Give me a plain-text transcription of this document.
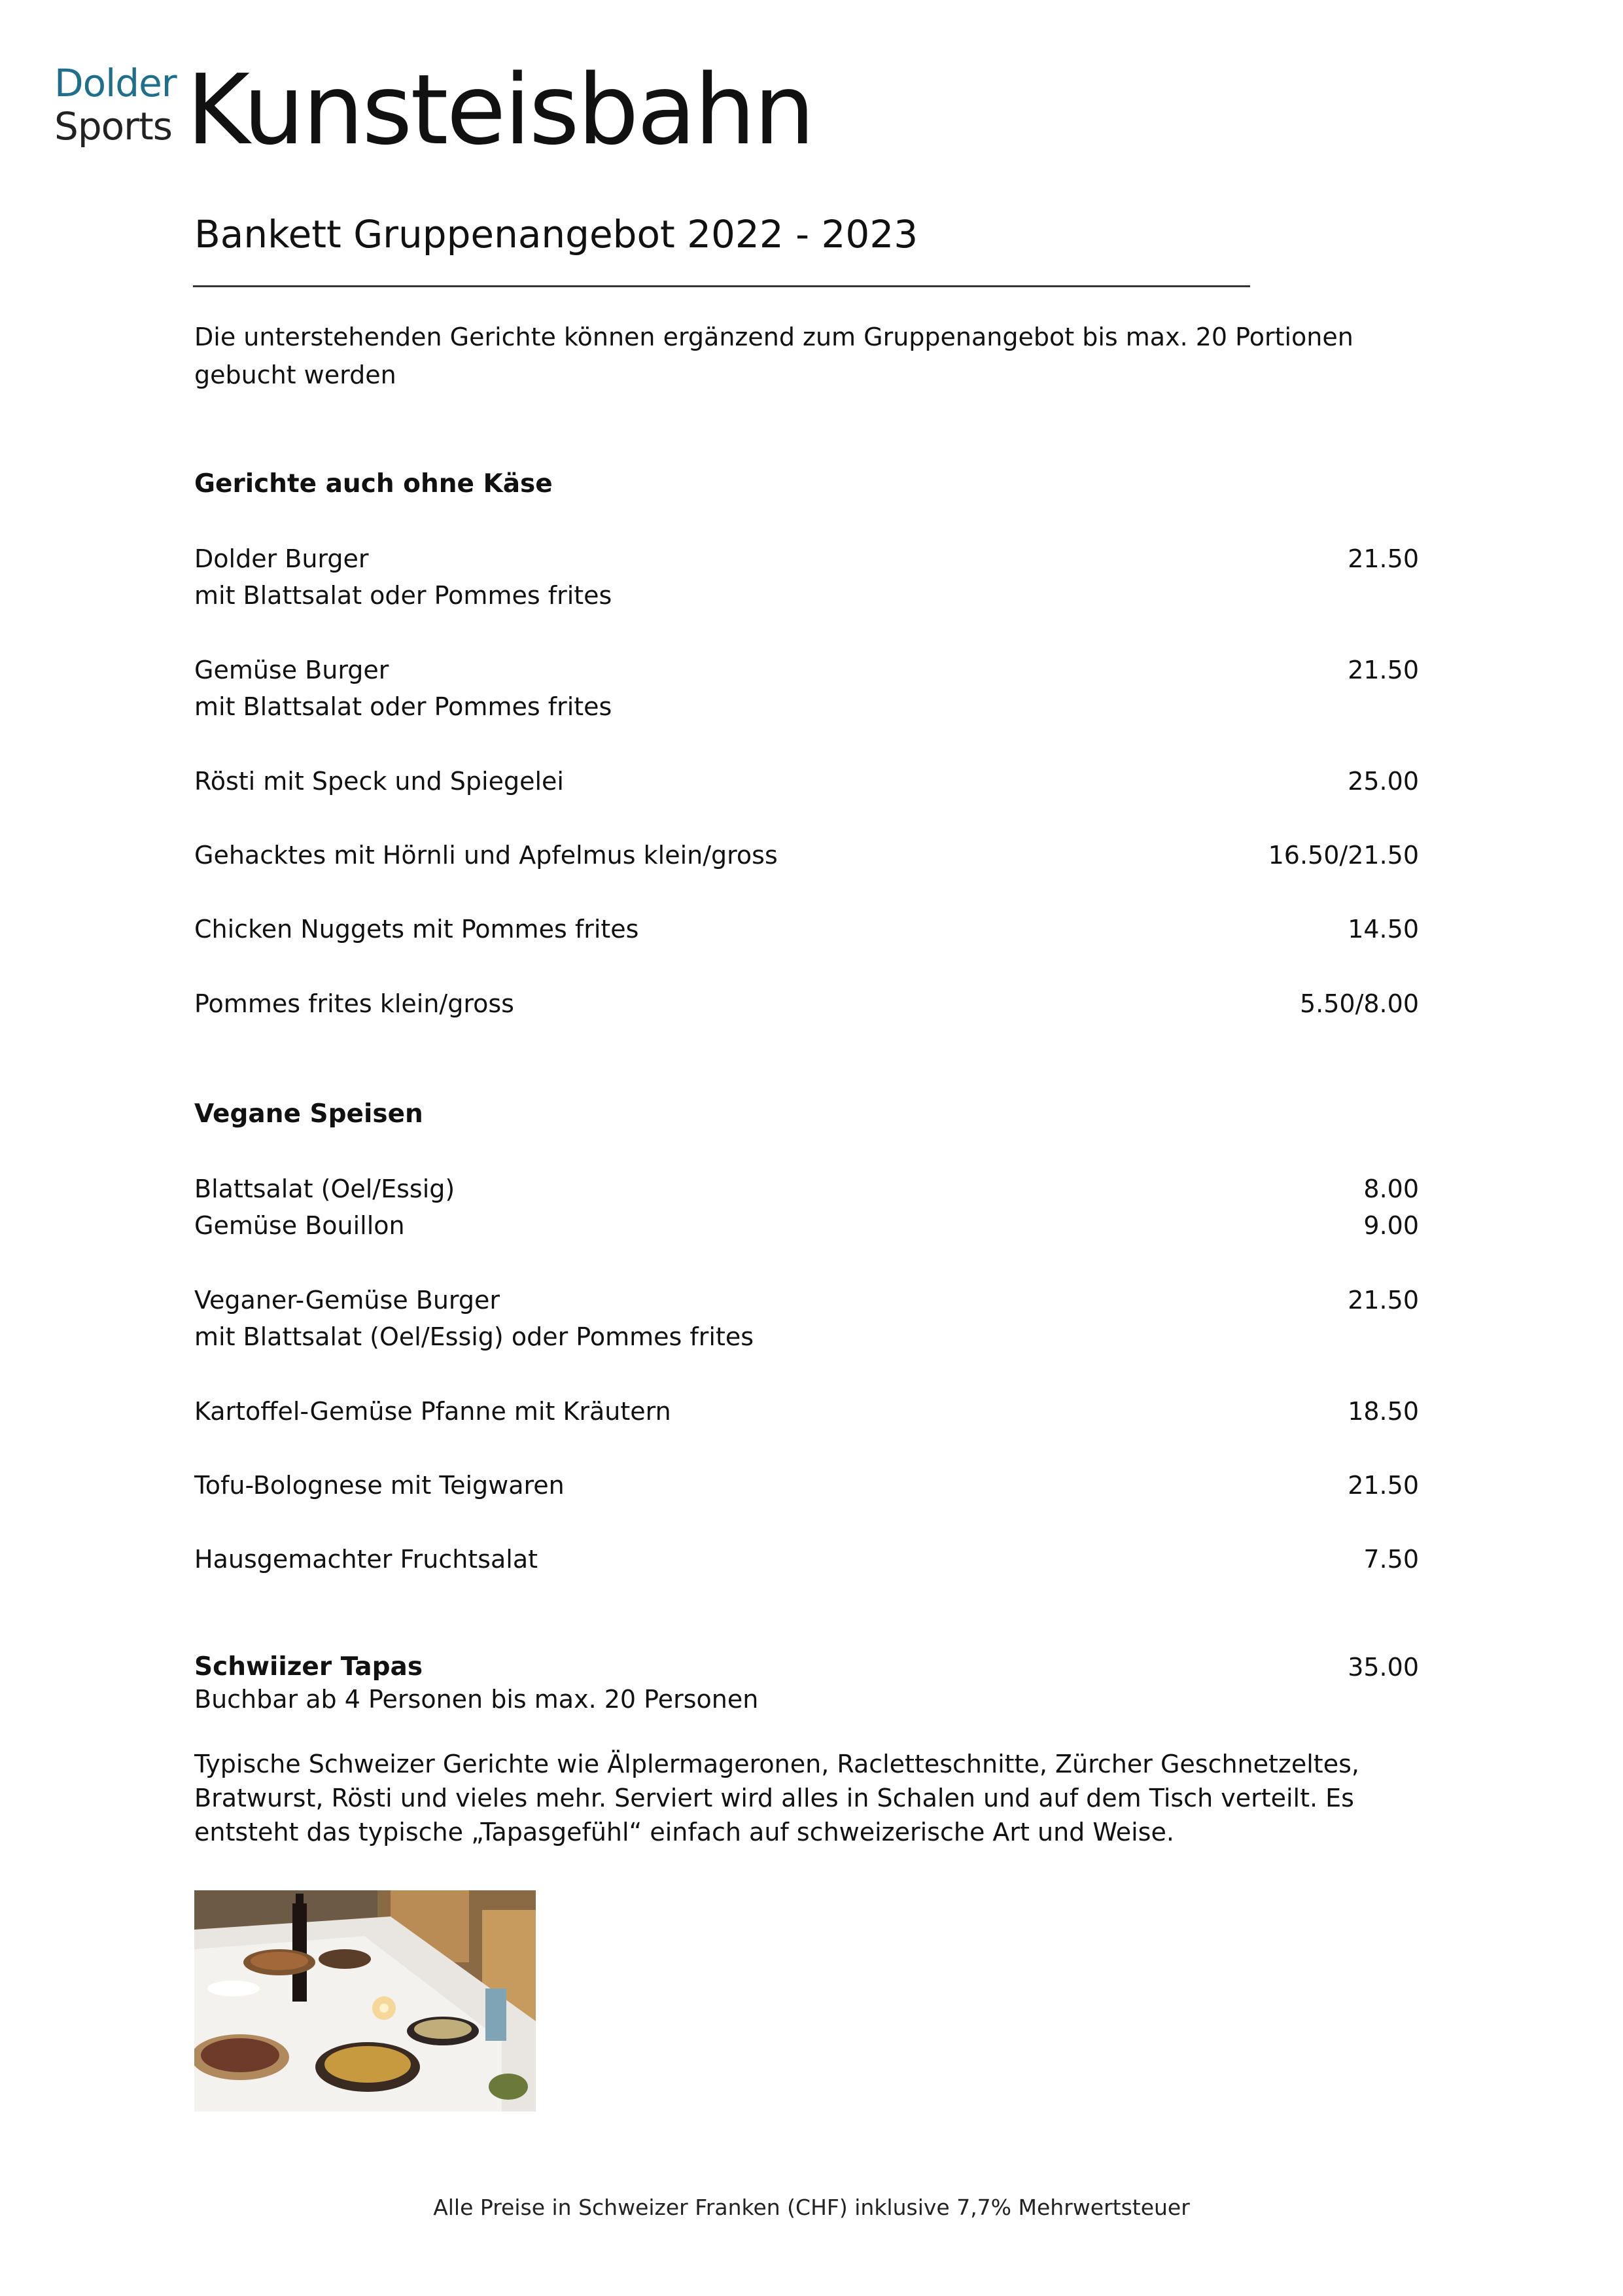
Dolder
Sports Kunsteisbahn
Bankett Gruppenangebot 2022 - 2023
Die unterstehenden Gerichte können ergänzend zum Gruppenangebot bis max. 20 Portionen gebucht werden
Gerichte auch ohne Käse
Dolder Burger	21.50
mit Blattsalat oder Pommes frites
Gemüse Burger	21.50
mit Blattsalat oder Pommes frites
Rösti mit Speck und Spiegelei	25.00
Gehacktes mit Hörnli und Apfelmus klein/gross	16.50/21.50
Chicken Nuggets mit Pommes frites	14.50
Pommes frites klein/gross	5.50/8.00
Vegane Speisen
Blattsalat (Oel/Essig)	8.00
Gemüse Bouillon	9.00
Veganer-Gemüse Burger	21.50
mit Blattsalat (Oel/Essig) oder Pommes frites
Kartoffel-Gemüse Pfanne mit Kräutern	18.50
Tofu-Bolognese mit Teigwaren	21.50
Hausgemachter Fruchtsalat	7.50
Schwiizer Tapas	35.00
Buchbar ab 4 Personen bis max. 20 Personen
Typische Schweizer Gerichte wie Älplermageronen, Racletteschnitte, Zürcher Geschnetzeltes, Bratwurst, Rösti und vieles mehr. Serviert wird alles in Schalen und auf dem Tisch verteilt. Es entsteht das typische „Tapasgefühl“ einfach auf schweizerische Art und Weise.
Alle Preise in Schweizer Franken (CHF) inklusive 7,7% Mehrwertsteuer
